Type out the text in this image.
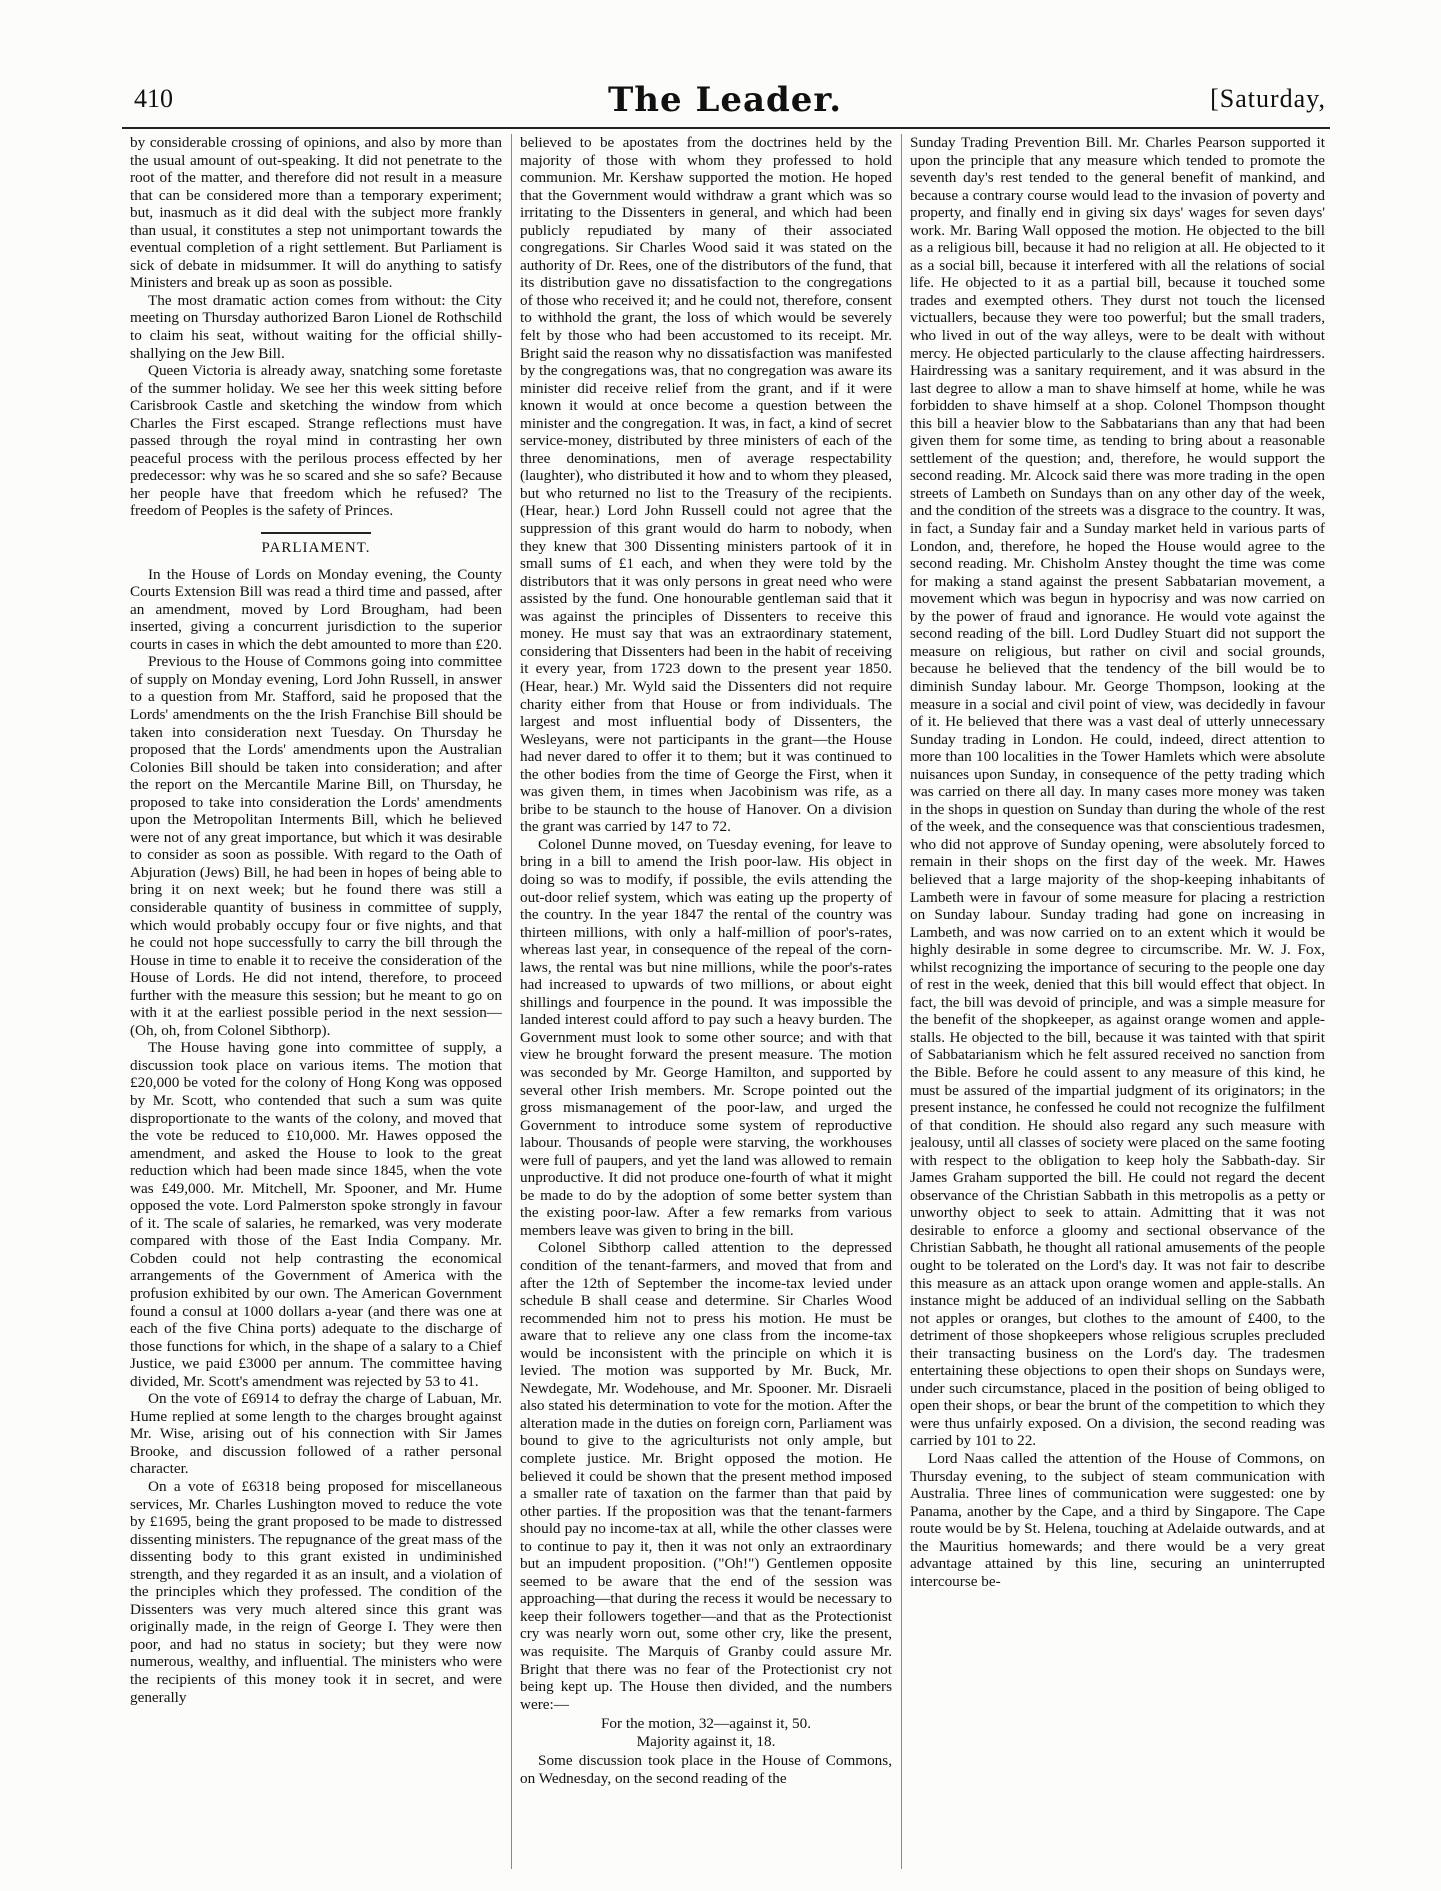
410	The Leader.	[Saturday,

by considerable crossing of opinions, and also by more than the usual amount of out-speaking. It did not penetrate to the root of the matter, and therefore did not result in a measure that can be considered more than a temporary experiment; but, inasmuch as it did deal with the subject more frankly than usual, it constitutes a step not unimportant towards the eventual completion of a right settlement. But Parliament is sick of debate in midsummer. It will do anything to satisfy Ministers and break up as soon as possible.

The most dramatic action comes from without: the City meeting on Thursday authorized Baron Lionel de Rothschild to claim his seat, without waiting for the official shilly-shallying on the Jew Bill.

Queen Victoria is already away, snatching some foretaste of the summer holiday. We see her this week sitting before Carisbrook Castle and sketching the window from which Charles the First escaped. Strange reflections must have passed through the royal mind in contrasting her own peaceful process with the perilous process effected by her predecessor: why was he so scared and she so safe? Because her people have that freedom which he refused? The freedom of Peoples is the safety of Princes.

PARLIAMENT.

In the House of Lords on Monday evening, the County Courts Extension Bill was read a third time and passed, after an amendment, moved by Lord Brougham, had been inserted, giving a concurrent jurisdiction to the superior courts in cases in which the debt amounted to more than £20.

Previous to the House of Commons going into committee of supply on Monday evening, Lord John Russell, in answer to a question from Mr. Stafford, said he proposed that the Lords' amendments on the the Irish Franchise Bill should be taken into consideration next Tuesday. On Thursday he proposed that the Lords' amendments upon the Australian Colonies Bill should be taken into consideration; and after the report on the Mercantile Marine Bill, on Thursday, he proposed to take into consideration the Lords' amendments upon the Metropolitan Interments Bill, which he believed were not of any great importance, but which it was desirable to consider as soon as possible. With regard to the Oath of Abjuration (Jews) Bill, he had been in hopes of being able to bring it on next week; but he found there was still a considerable quantity of business in committee of supply, which would probably occupy four or five nights, and that he could not hope successfully to carry the bill through the House in time to enable it to receive the consideration of the House of Lords. He did not intend, therefore, to proceed further with the measure this session; but he meant to go on with it at the earliest possible period in the next session—(Oh, oh, from Colonel Sibthorp).

The House having gone into committee of supply, a discussion took place on various items. The motion that £20,000 be voted for the colony of Hong Kong was opposed by Mr. Scott, who contended that such a sum was quite disproportionate to the wants of the colony, and moved that the vote be reduced to £10,000. Mr. Hawes opposed the amendment, and asked the House to look to the great reduction which had been made since 1845, when the vote was £49,000. Mr. Mitchell, Mr. Spooner, and Mr. Hume opposed the vote. Lord Palmerston spoke strongly in favour of it. The scale of salaries, he remarked, was very moderate compared with those of the East India Company. Mr. Cobden could not help contrasting the economical arrangements of the Government of America with the profusion exhibited by our own. The American Government found a consul at 1000 dollars a-year (and there was one at each of the five China ports) adequate to the discharge of those functions for which, in the shape of a salary to a Chief Justice, we paid £3000 per annum. The committee having divided, Mr. Scott's amendment was rejected by 53 to 41.

On the vote of £6914 to defray the charge of Labuan, Mr. Hume replied at some length to the charges brought against Mr. Wise, arising out of his connection with Sir James Brooke, and discussion followed of a rather personal character.

On a vote of £6318 being proposed for miscellaneous services, Mr. Charles Lushington moved to reduce the vote by £1695, being the grant proposed to be made to distressed dissenting ministers. The repugnance of the great mass of the dissenting body to this grant existed in undiminished strength, and they regarded it as an insult, and a violation of the principles which they professed. The condition of the Dissenters was very much altered since this grant was originally made, in the reign of George I. They were then poor, and had no status in society; but they were now numerous, wealthy, and influential. The ministers who were the recipients of this money took it in secret, and were generally

believed to be apostates from the doctrines held by the majority of those with whom they professed to hold communion. Mr. Kershaw supported the motion. He hoped that the Government would withdraw a grant which was so irritating to the Dissenters in general, and which had been publicly repudiated by many of their associated congregations. Sir Charles Wood said it was stated on the authority of Dr. Rees, one of the distributors of the fund, that its distribution gave no dissatisfaction to the congregations of those who received it; and he could not, therefore, consent to withhold the grant, the loss of which would be severely felt by those who had been accustomed to its receipt. Mr. Bright said the reason why no dissatisfaction was manifested by the congregations was, that no congregation was aware its minister did receive relief from the grant, and if it were known it would at once become a question between the minister and the congregation. It was, in fact, a kind of secret service-money, distributed by three ministers of each of the three denominations, men of average respectability (laughter), who distributed it how and to whom they pleased, but who returned no list to the Treasury of the recipients. (Hear, hear.) Lord John Russell could not agree that the suppression of this grant would do harm to nobody, when they knew that 300 Dissenting ministers partook of it in small sums of £1 each, and when they were told by the distributors that it was only persons in great need who were assisted by the fund. One honourable gentleman said that it was against the principles of Dissenters to receive this money. He must say that was an extraordinary statement, considering that Dissenters had been in the habit of receiving it every year, from 1723 down to the present year 1850. (Hear, hear.) Mr. Wyld said the Dissenters did not require charity either from that House or from individuals. The largest and most influential body of Dissenters, the Wesleyans, were not participants in the grant—the House had never dared to offer it to them; but it was continued to the other bodies from the time of George the First, when it was given them, in times when Jacobinism was rife, as a bribe to be staunch to the house of Hanover. On a division the grant was carried by 147 to 72.

Colonel Dunne moved, on Tuesday evening, for leave to bring in a bill to amend the Irish poor-law. His object in doing so was to modify, if possible, the evils attending the out-door relief system, which was eating up the property of the country. In the year 1847 the rental of the country was thirteen millions, with only a half-million of poor's-rates, whereas last year, in consequence of the repeal of the corn-laws, the rental was but nine millions, while the poor's-rates had increased to upwards of two millions, or about eight shillings and fourpence in the pound. It was impossible the landed interest could afford to pay such a heavy burden. The Government must look to some other source; and with that view he brought forward the present measure. The motion was seconded by Mr. George Hamilton, and supported by several other Irish members. Mr. Scrope pointed out the gross mismanagement of the poor-law, and urged the Government to introduce some system of reproductive labour. Thousands of people were starving, the workhouses were full of paupers, and yet the land was allowed to remain unproductive. It did not produce one-fourth of what it might be made to do by the adoption of some better system than the existing poor-law. After a few remarks from various members leave was given to bring in the bill.

Colonel Sibthorp called attention to the depressed condition of the tenant-farmers, and moved that from and after the 12th of September the income-tax levied under schedule B shall cease and determine. Sir Charles Wood recommended him not to press his motion. He must be aware that to relieve any one class from the income-tax would be inconsistent with the principle on which it is levied. The motion was supported by Mr. Buck, Mr. Newdegate, Mr. Wodehouse, and Mr. Spooner. Mr. Disraeli also stated his determination to vote for the motion. After the alteration made in the duties on foreign corn, Parliament was bound to give to the agriculturists not only ample, but complete justice. Mr. Bright opposed the motion. He believed it could be shown that the present method imposed a smaller rate of taxation on the farmer than that paid by other parties. If the proposition was that the tenant-farmers should pay no income-tax at all, while the other classes were to continue to pay it, then it was not only an extraordinary but an impudent proposition. ("Oh!") Gentlemen opposite seemed to be aware that the end of the session was approaching—that during the recess it would be necessary to keep their followers together—and that as the Protectionist cry was nearly worn out, some other cry, like the present, was requisite. The Marquis of Granby could assure Mr. Bright that there was no fear of the Protectionist cry not being kept up. The House then divided, and the numbers were:—

For the motion, 32—against it, 50.
Majority against it, 18.

Some discussion took place in the House of Commons, on Wednesday, on the second reading of the

Sunday Trading Prevention Bill. Mr. Charles Pearson supported it upon the principle that any measure which tended to promote the seventh day's rest tended to the general benefit of mankind, and because a contrary course would lead to the invasion of poverty and property, and finally end in giving six days' wages for seven days' work. Mr. Baring Wall opposed the motion. He objected to the bill as a religious bill, because it had no religion at all. He objected to it as a social bill, because it interfered with all the relations of social life. He objected to it as a partial bill, because it touched some trades and exempted others. They durst not touch the licensed victuallers, because they were too powerful; but the small traders, who lived in out of the way alleys, were to be dealt with without mercy. He objected particularly to the clause affecting hairdressers. Hairdressing was a sanitary requirement, and it was absurd in the last degree to allow a man to shave himself at home, while he was forbidden to shave himself at a shop. Colonel Thompson thought this bill a heavier blow to the Sabbatarians than any that had been given them for some time, as tending to bring about a reasonable settlement of the question; and, therefore, he would support the second reading. Mr. Alcock said there was more trading in the open streets of Lambeth on Sundays than on any other day of the week, and the condition of the streets was a disgrace to the country. It was, in fact, a Sunday fair and a Sunday market held in various parts of London, and, therefore, he hoped the House would agree to the second reading. Mr. Chisholm Anstey thought the time was come for making a stand against the present Sabbatarian movement, a movement which was begun in hypocrisy and was now carried on by the power of fraud and ignorance. He would vote against the second reading of the bill. Lord Dudley Stuart did not support the measure on religious, but rather on civil and social grounds, because he believed that the tendency of the bill would be to diminish Sunday labour. Mr. George Thompson, looking at the measure in a social and civil point of view, was decidedly in favour of it. He believed that there was a vast deal of utterly unnecessary Sunday trading in London. He could, indeed, direct attention to more than 100 localities in the Tower Hamlets which were absolute nuisances upon Sunday, in consequence of the petty trading which was carried on there all day. In many cases more money was taken in the shops in question on Sunday than during the whole of the rest of the week, and the consequence was that conscientious tradesmen, who did not approve of Sunday opening, were absolutely forced to remain in their shops on the first day of the week. Mr. Hawes believed that a large majority of the shop-keeping inhabitants of Lambeth were in favour of some measure for placing a restriction on Sunday labour. Sunday trading had gone on increasing in Lambeth, and was now carried on to an extent which it would be highly desirable in some degree to circumscribe. Mr. W. J. Fox, whilst recognizing the importance of securing to the people one day of rest in the week, denied that this bill would effect that object. In fact, the bill was devoid of principle, and was a simple measure for the benefit of the shopkeeper, as against orange women and apple-stalls. He objected to the bill, because it was tainted with that spirit of Sabbatarianism which he felt assured received no sanction from the Bible. Before he could assent to any measure of this kind, he must be assured of the impartial judgment of its originators; in the present instance, he confessed he could not recognize the fulfilment of that condition. He should also regard any such measure with jealousy, until all classes of society were placed on the same footing with respect to the obligation to keep holy the Sabbath-day. Sir James Graham supported the bill. He could not regard the decent observance of the Christian Sabbath in this metropolis as a petty or unworthy object to seek to attain. Admitting that it was not desirable to enforce a gloomy and sectional observance of the Christian Sabbath, he thought all rational amusements of the people ought to be tolerated on the Lord's day. It was not fair to describe this measure as an attack upon orange women and apple-stalls. An instance might be adduced of an individual selling on the Sabbath not apples or oranges, but clothes to the amount of £400, to the detriment of those shopkeepers whose religious scruples precluded their transacting business on the Lord's day. The tradesmen entertaining these objections to open their shops on Sundays were, under such circumstance, placed in the position of being obliged to open their shops, or bear the brunt of the competition to which they were thus unfairly exposed. On a division, the second reading was carried by 101 to 22.

Lord Naas called the attention of the House of Commons, on Thursday evening, to the subject of steam communication with Australia. Three lines of communication were suggested: one by Panama, another by the Cape, and a third by Singapore. The Cape route would be by St. Helena, touching at Adelaide outwards, and at the Mauritius homewards; and there would be a very great advantage attained by this line, securing an uninterrupted intercourse be-
